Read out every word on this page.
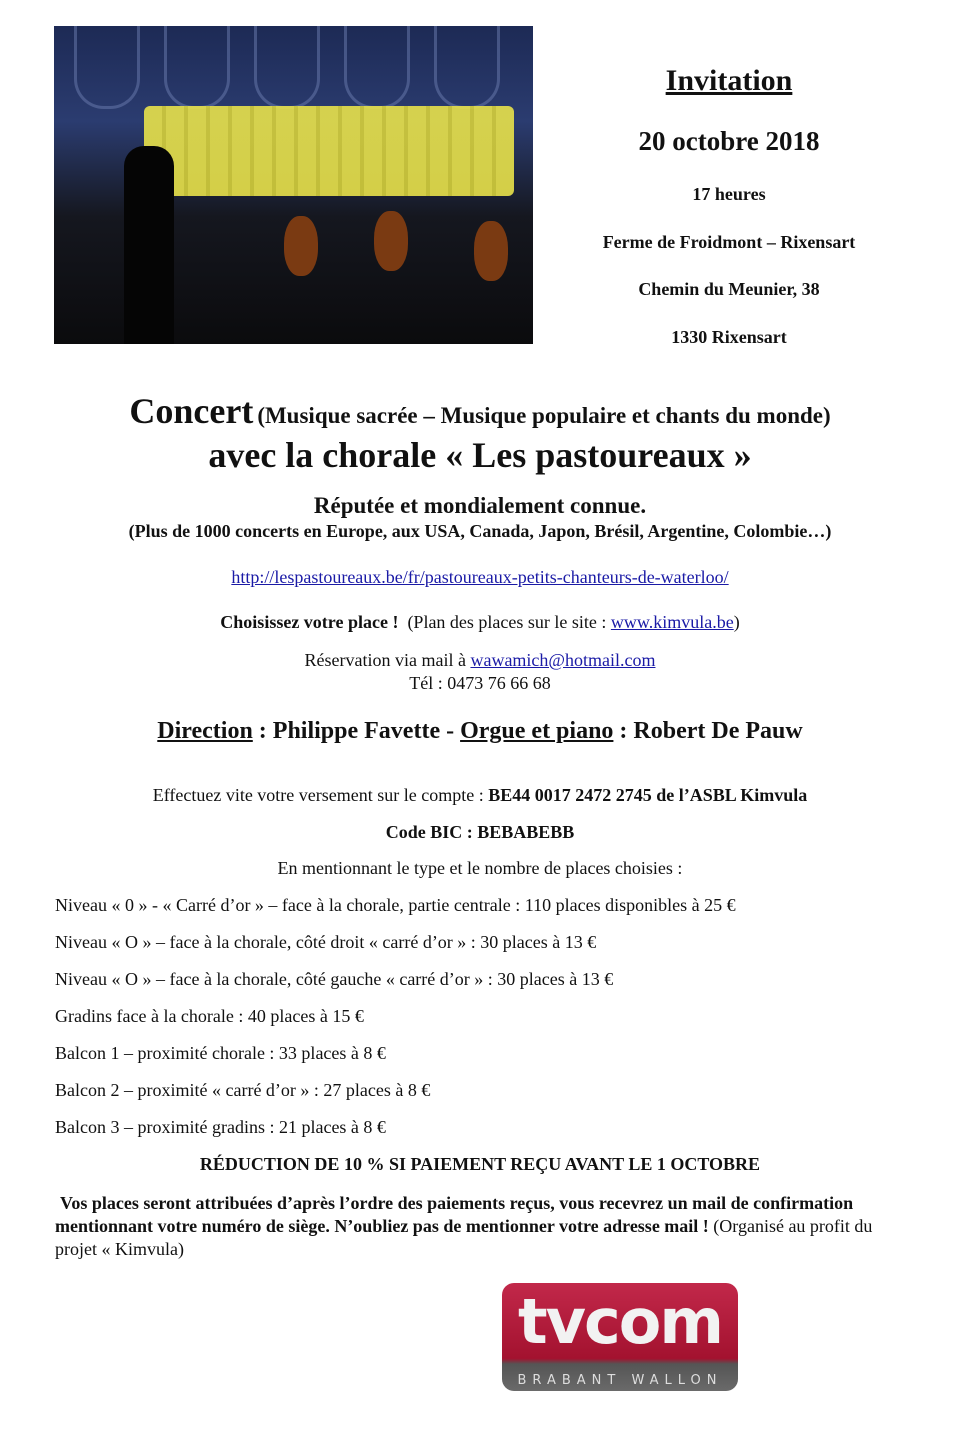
Invitation
20 octobre 2018
17 heures
Ferme de Froidmont – Rixensart
Chemin du Meunier, 38
1330 Rixensart
Concert (Musique sacrée – Musique populaire et chants du monde)
avec la chorale « Les pastoureaux »
Réputée et mondialement connue.
(Plus de 1000 concerts en Europe, aux USA, Canada, Japon, Brésil, Argentine, Colombie…)
http://lespastoureaux.be/fr/pastoureaux-petits-chanteurs-de-waterloo/
Choisissez votre place ! (Plan des places sur le site : www.kimvula.be)
Réservation via mail à wawamich@hotmail.com
Tél : 0473 76 66 68
Direction : Philippe Favette - Orgue et piano : Robert De Pauw
Effectuez vite votre versement sur le compte : BE44 0017 2472 2745 de l’ASBL Kimvula
Code BIC : BEBABEBB
En mentionnant le type et le nombre de places choisies :
Niveau « 0 » - « Carré d’or » – face à la chorale, partie centrale : 110 places disponibles à 25 €
Niveau « O » – face à la chorale, côté droit « carré d’or » : 30 places à 13 €
Niveau « O » – face à la chorale, côté gauche « carré d’or » : 30 places à 13 €
Gradins face à la chorale : 40 places à 15 €
Balcon 1 – proximité chorale : 33 places à 8 €
Balcon 2 – proximité « carré d’or » : 27 places à 8 €
Balcon 3 – proximité gradins : 21 places à 8 €
RÉDUCTION DE 10 % SI PAIEMENT REÇU AVANT LE 1 OCTOBRE
Vos places seront attribuées d’après l’ordre des paiements reçus, vous recevrez un mail de confirmation mentionnant votre numéro de siège. N’oubliez pas de mentionner votre adresse mail ! (Organisé au profit du projet « Kimvula)
tvcom
BRABANT WALLON
